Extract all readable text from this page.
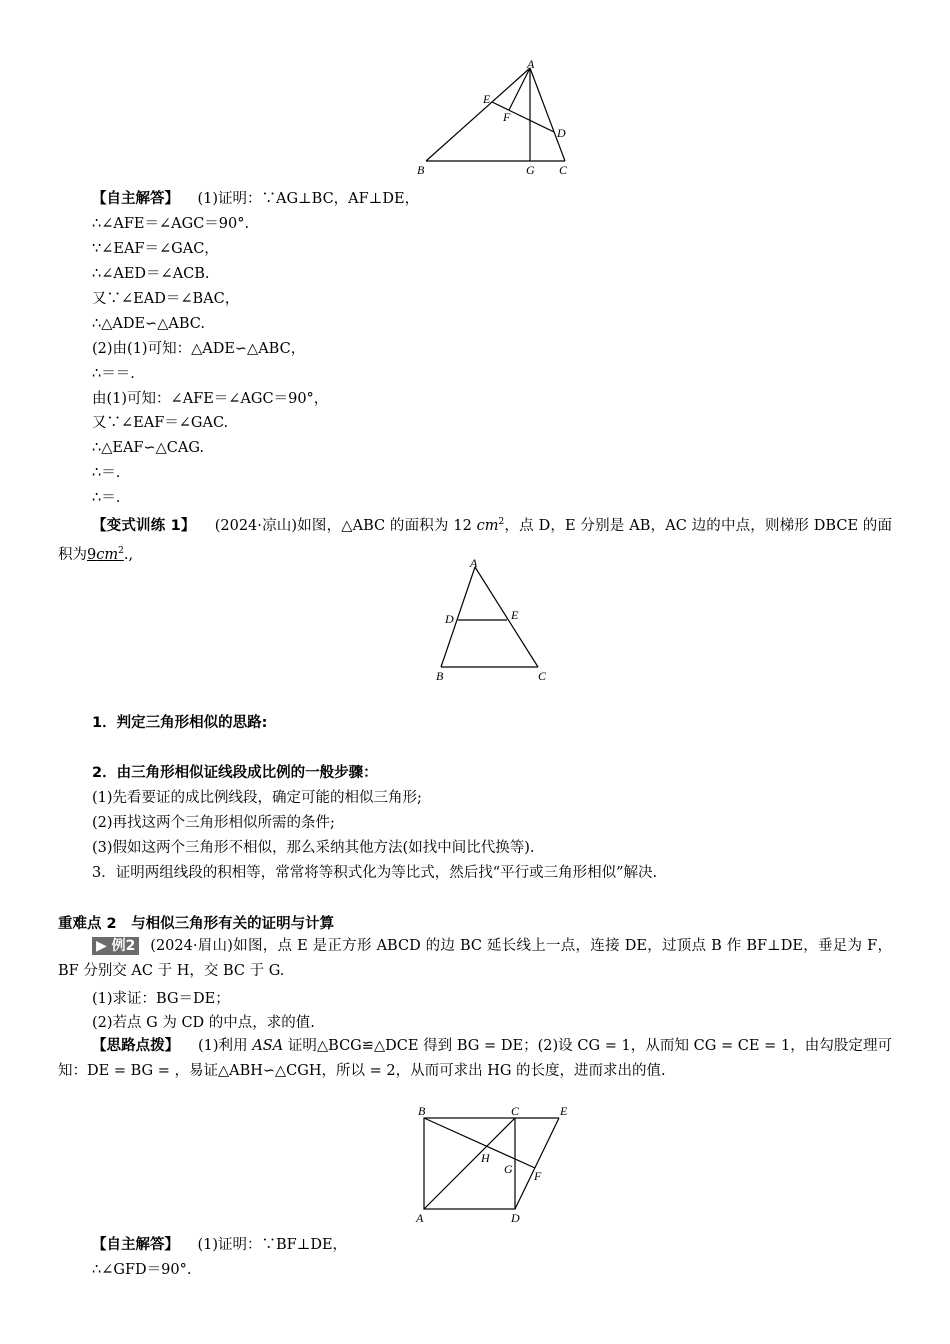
A
E
F
D
B	G C
【自主解答】 (1)证明：∵AG⊥BC，AF⊥DE，
∴∠AFE＝∠AGC＝90°.
∵∠EAF＝∠GAC，
∴∠AED＝∠ACB.
又∵∠EAD＝∠BAC，
∴△ADE∽△ABC.
(2)由(1)可知：△ADE∽△ABC，
∴＝＝.
由(1)可知：∠AFE＝∠AGC＝90°，
又∵∠EAF＝∠GAC.
∴△EAF∽△CAG.
∴＝.
∴＝.
【变式训练 1】 (2024·凉山)如图，△ABC 的面积为 12 $cm^2$，点 D，E 分别是 AB，AC 边的中点，则梯形 DBCE 的面积为$9cm^2$.,
A
D	E
B	C
1．判定三角形相似的思路:
2．由三角形相似证线段成比例的一般步骤：
(1)先看要证的成比例线段，确定可能的相似三角形;
(2)再找这两个三角形相似所需的条件;
(3)假如这两个三角形不相似，那么采纳其他方法(如找中间比代换等).
3．证明两组线段的积相等，常常将等积式化为等比式，然后找“平行或三角形相似”解决.
重难点 2　与相似三角形有关的证明与计算
▶ 例2 (2024·眉山)如图，点 E 是正方形 ABCD 的边 BC 延长线上一点，连接 DE，过顶点 B 作 BF⊥DE，垂足为 F，BF 分别交 AC 于 H，交 BC 于 G.
(1)求证：BG＝DE；
(2)若点 G 为 CD 的中点，求的值.
【思路点拨】 (1)利用 ASA 证明△BCG≌△DCE 得到 BG = DE；(2)设 CG = 1，从而知 CG = CE = 1，由勾股定理可知：DE = BG = ，易证△ABH∽△CGH，所以 = 2，从而可求出 HG 的长度，进而求出的值.
B	C	E
H
G F
A	D
【自主解答】 (1)证明：∵BF⊥DE，
∴∠GFD＝90°.
